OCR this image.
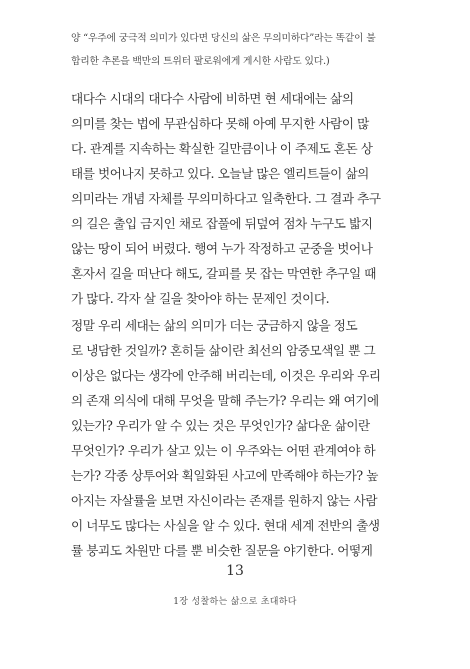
양 “우주에 궁극적 의미가 있다면 당신의 삶은 무의미하다”라는 똑같이 불
합리한 추론을 백만의 트위터 팔로워에게 게시한 사람도 있다.)
대다수 시대의 대다수 사람에 비하면 현 세대에는 삶의
의미를 찾는 법에 무관심하다 못해 아예 무지한 사람이 많
다. 관계를 지속하는 확실한 길만큼이나 이 주제도 혼돈 상
태를 벗어나지 못하고 있다. 오늘날 많은 엘리트들이 삶의
의미라는 개념 자체를 무의미하다고 일축한다. 그 결과 추구
의 길은 출입 금지인 채로 잡풀에 뒤덮여 점차 누구도 밟지
않는 땅이 되어 버렸다. 행여 누가 작정하고 군중을 벗어나
혼자서 길을 떠난다 해도, 갈피를 못 잡는 막연한 추구일 때
가 많다. 각자 살 길을 찾아야 하는 문제인 것이다.
정말 우리 세대는 삶의 의미가 더는 궁금하지 않을 정도
로 냉담한 것일까? 혼히들 삶이란 최선의 암중모색일 뿐 그
이상은 없다는 생각에 안주해 버리는데, 이것은 우리와 우리
의 존재 의식에 대해 무엇을 말해 주는가? 우리는 왜 여기에
있는가? 우리가 알 수 있는 것은 무엇인가? 삶다운 삶이란
무엇인가? 우리가 살고 있는 이 우주와는 어떤 관계여야 하
는가? 각종 상투어와 획일화된 사고에 만족해야 하는가? 높
아지는 자살률을 보면 자신이라는 존재를 원하지 않는 사람
이 너무도 많다는 사실을 알 수 있다. 현대 세계 전반의 출생
률 붕괴도 차원만 다를 뿐 비슷한 질문을 야기한다. 어떻게
13
1장 성찰하는 삶으로 초대하다
